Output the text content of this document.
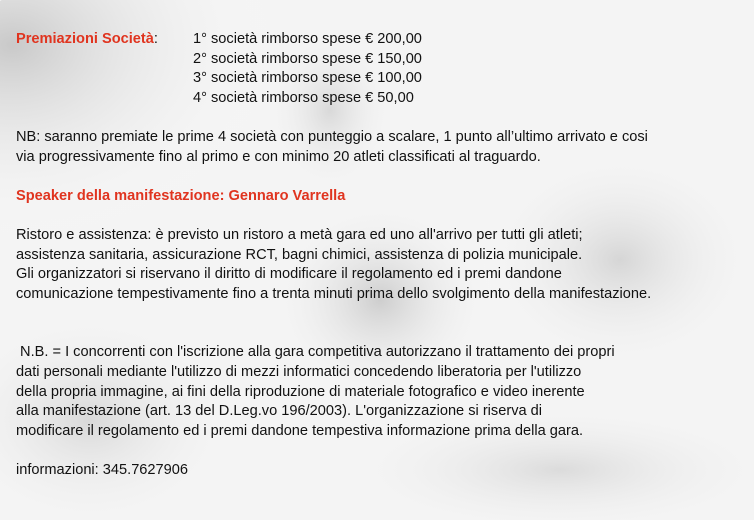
Premiazioni Società:	1° società rimborso spese € 200,00
2° società rimborso spese € 150,00
3° società rimborso spese € 100,00
4° società rimborso spese € 50,00
NB: saranno premiate le prime 4 società con punteggio a scalare, 1 punto all’ultimo arrivato e cosi
via progressivamente fino al primo e con minimo 20 atleti classificati al traguardo.
Speaker della manifestazione: Gennaro Varrella
Ristoro e assistenza: è previsto un ristoro a metà gara ed uno all'arrivo per tutti gli atleti;
assistenza sanitaria, assicurazione RCT, bagni chimici, assistenza di polizia municipale.
Gli organizzatori si riservano il diritto di modificare il regolamento ed i premi dandone
comunicazione tempestivamente fino a trenta minuti prima dello svolgimento della manifestazione.
N.B. = I concorrenti con l'iscrizione alla gara competitiva autorizzano il trattamento dei propri
dati personali mediante l'utilizzo di mezzi informatici concedendo liberatoria per l'utilizzo
della propria immagine, ai fini della riproduzione di materiale fotografico e video inerente
alla manifestazione (art. 13 del D.Leg.vo 196/2003). L'organizzazione si riserva di
modificare il regolamento ed i premi dandone tempestiva informazione prima della gara.
informazioni: 345.7627906
